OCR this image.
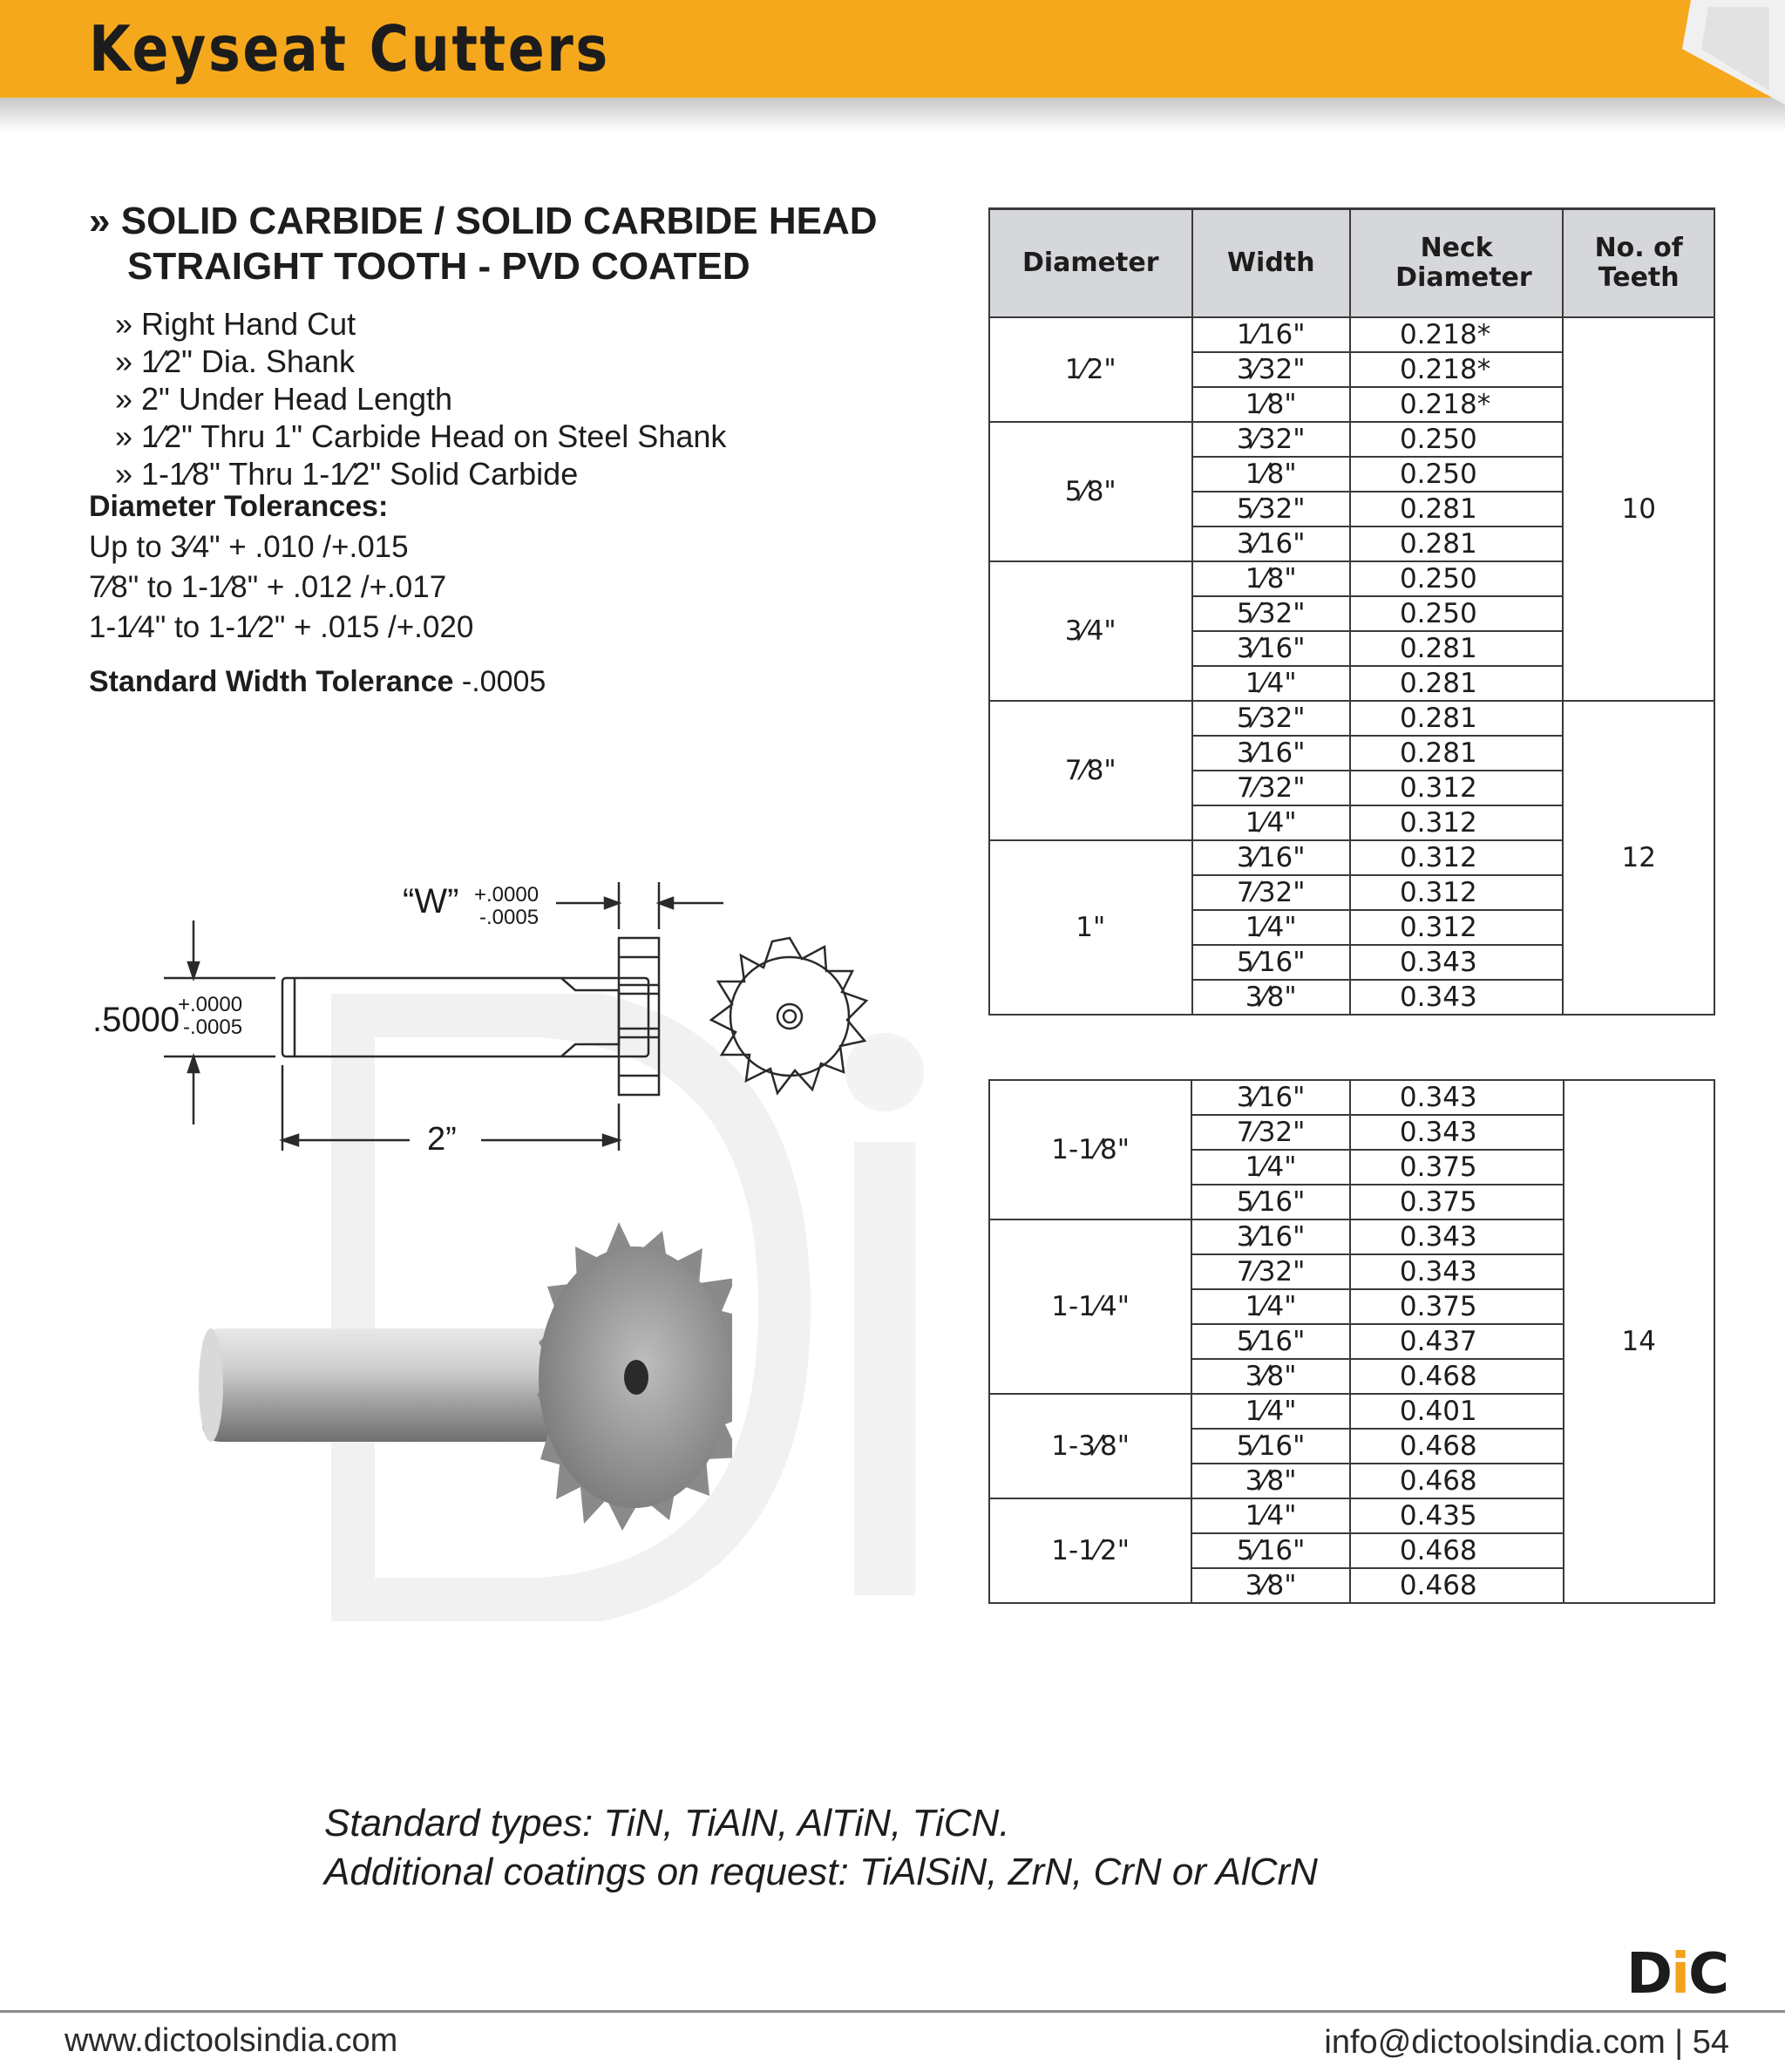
Keyseat Cutters
» SOLID CARBIDE / SOLID CARBIDE HEAD
STRAIGHT TOOTH - PVD COATED
» Right Hand Cut
» 1⁄2" Dia. Shank
» 2" Under Head Length
» 1⁄2" Thru 1" Carbide Head on Steel Shank
» 1-1⁄8" Thru 1-1⁄2" Solid Carbide
Diameter Tolerances:
Up to 3⁄4" + .010 /+.015
7⁄8" to 1-1⁄8" + .012 /+.017
1-1⁄4" to 1-1⁄2" + .015 /+.020
Standard Width Tolerance -.0005
“W” +.0000
-.0005
.5000
+.0000
-.0005
2”
Diameter	Width	Neck Diameter	No. of Teeth

1⁄2"	1⁄16"	0.218*	10
	3⁄32"	0.218*	
	1⁄8"	0.218*	
5⁄8"	3⁄32"	0.250	
	1⁄8"	0.250	
	5⁄32"	0.281	
	3⁄16"	0.281	
3⁄4"	1⁄8"	0.250	
	5⁄32"	0.250	
	3⁄16"	0.281	
	1⁄4"	0.281	
7⁄8"	5⁄32"	0.281	12
	3⁄16"	0.281	
	7⁄32"	0.312	
	1⁄4"	0.312	
1"	3⁄16"	0.312	
	7⁄32"	0.312	
	1⁄4"	0.312	
	5⁄16"	0.343	
	3⁄8"	0.343	
1-1⁄8"	3⁄16"	0.343	14
	7⁄32"	0.343	
	1⁄4"	0.375	
	5⁄16"	0.375	
1-1⁄4"	3⁄16"	0.343	
	7⁄32"	0.343	
	1⁄4"	0.375	
	5⁄16"	0.437	
	3⁄8"	0.468	
1-3⁄8"	1⁄4"	0.401	
	5⁄16"	0.468	
	3⁄8"	0.468	
1-1⁄2"	1⁄4"	0.435	
	5⁄16"	0.468	
	3⁄8"	0.468	
Standard types: TiN, TiAlN, AlTiN, TiCN.
Additional coatings on request: TiAlSiN, ZrN, CrN or AlCrN
DiC
www.dictoolsindia.com	info@dictoolsindia.com | 54
